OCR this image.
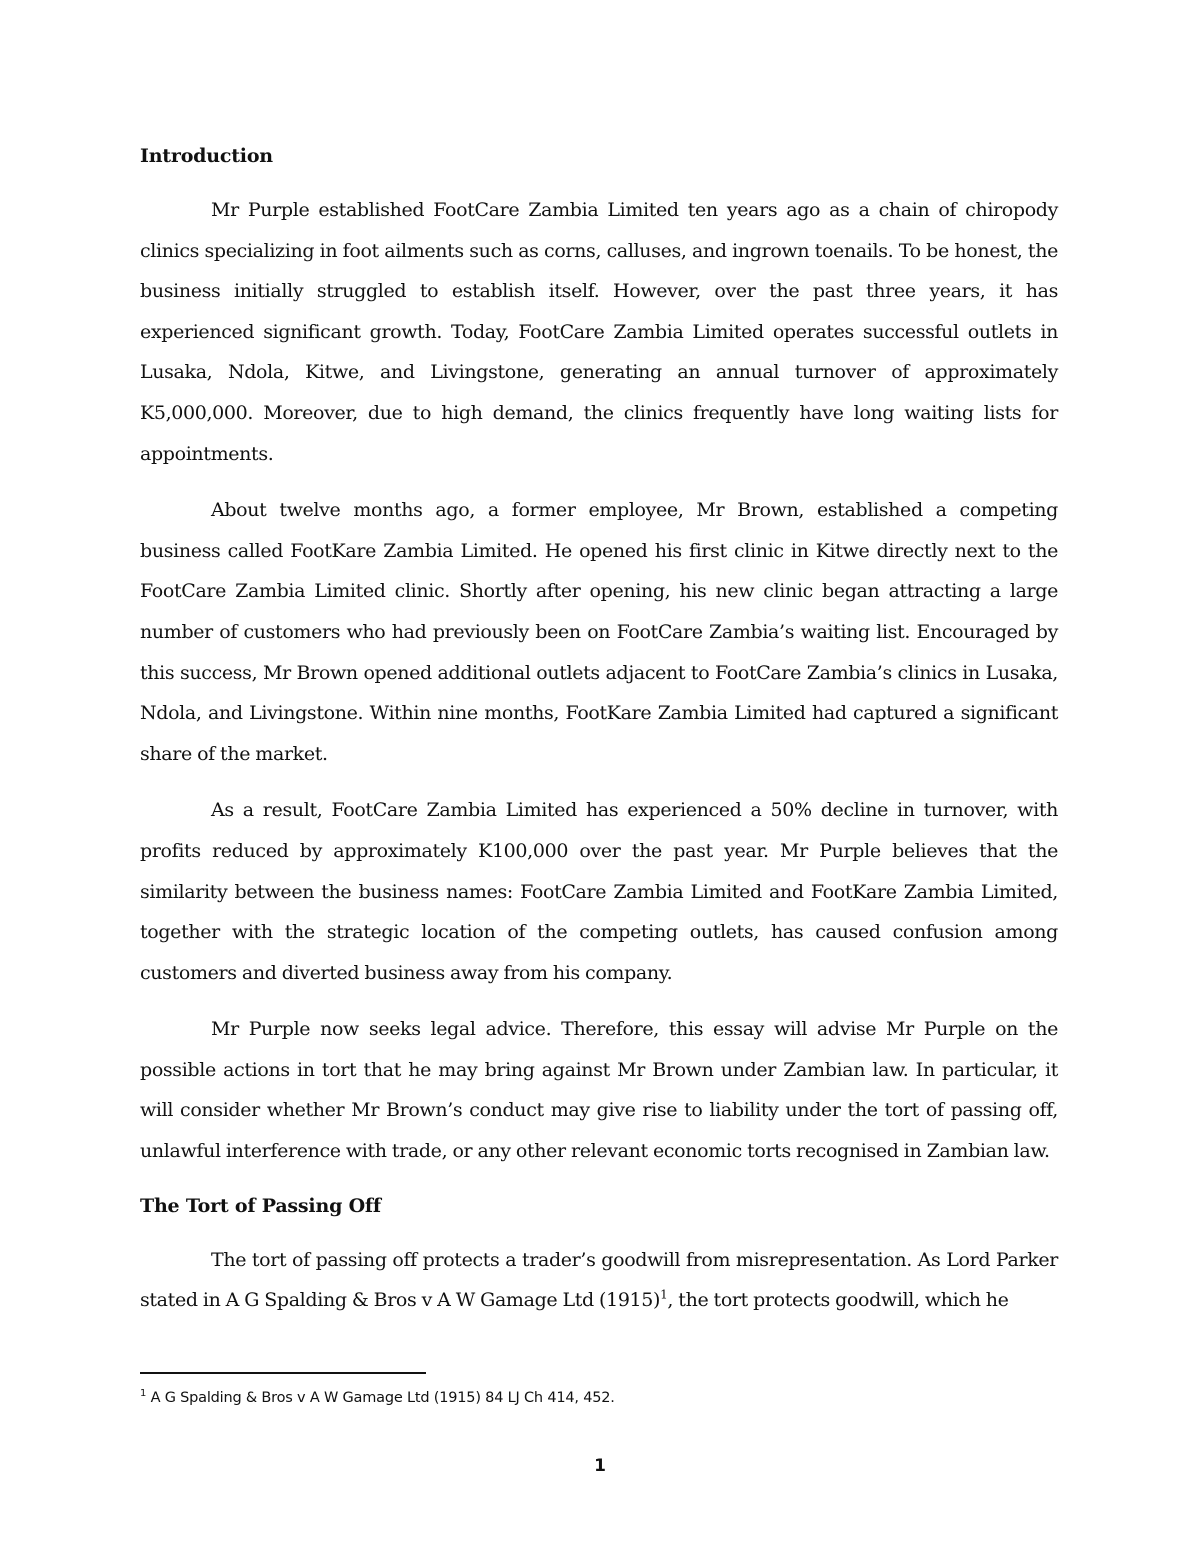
Introduction

Mr Purple established FootCare Zambia Limited ten years ago as a chain of chiropody clinics specializing in foot ailments such as corns, calluses, and ingrown toenails. To be honest, the business initially struggled to establish itself. However, over the past three years, it has experienced significant growth. Today, FootCare Zambia Limited operates successful outlets in Lusaka, Ndola, Kitwe, and Livingstone, generating an annual turnover of approximately K5,000,000. Moreover, due to high demand, the clinics frequently have long waiting lists for appointments.

About twelve months ago, a former employee, Mr Brown, established a competing business called FootKare Zambia Limited. He opened his first clinic in Kitwe directly next to the FootCare Zambia Limited clinic. Shortly after opening, his new clinic began attracting a large number of customers who had previously been on FootCare Zambia’s waiting list. Encouraged by this success, Mr Brown opened additional outlets adjacent to FootCare Zambia’s clinics in Lusaka, Ndola, and Livingstone. Within nine months, FootKare Zambia Limited had captured a significant share of the market.

As a result, FootCare Zambia Limited has experienced a 50% decline in turnover, with profits reduced by approximately K100,000 over the past year. Mr Purple believes that the similarity between the business names: FootCare Zambia Limited and FootKare Zambia Limited, together with the strategic location of the competing outlets, has caused confusion among customers and diverted business away from his company.

Mr Purple now seeks legal advice. Therefore, this essay will advise Mr Purple on the possible actions in tort that he may bring against Mr Brown under Zambian law. In particular, it will consider whether Mr Brown’s conduct may give rise to liability under the tort of passing off, unlawful interference with trade, or any other relevant economic torts recognised in Zambian law.

The Tort of Passing Off

The tort of passing off protects a trader’s goodwill from misrepresentation. As Lord Parker stated in A G Spalding & Bros v A W Gamage Ltd (1915)$^1$, the tort protects goodwill, which he

$^1$ A G Spalding & Bros v A W Gamage Ltd (1915) 84 LJ Ch 414, 452.
1
